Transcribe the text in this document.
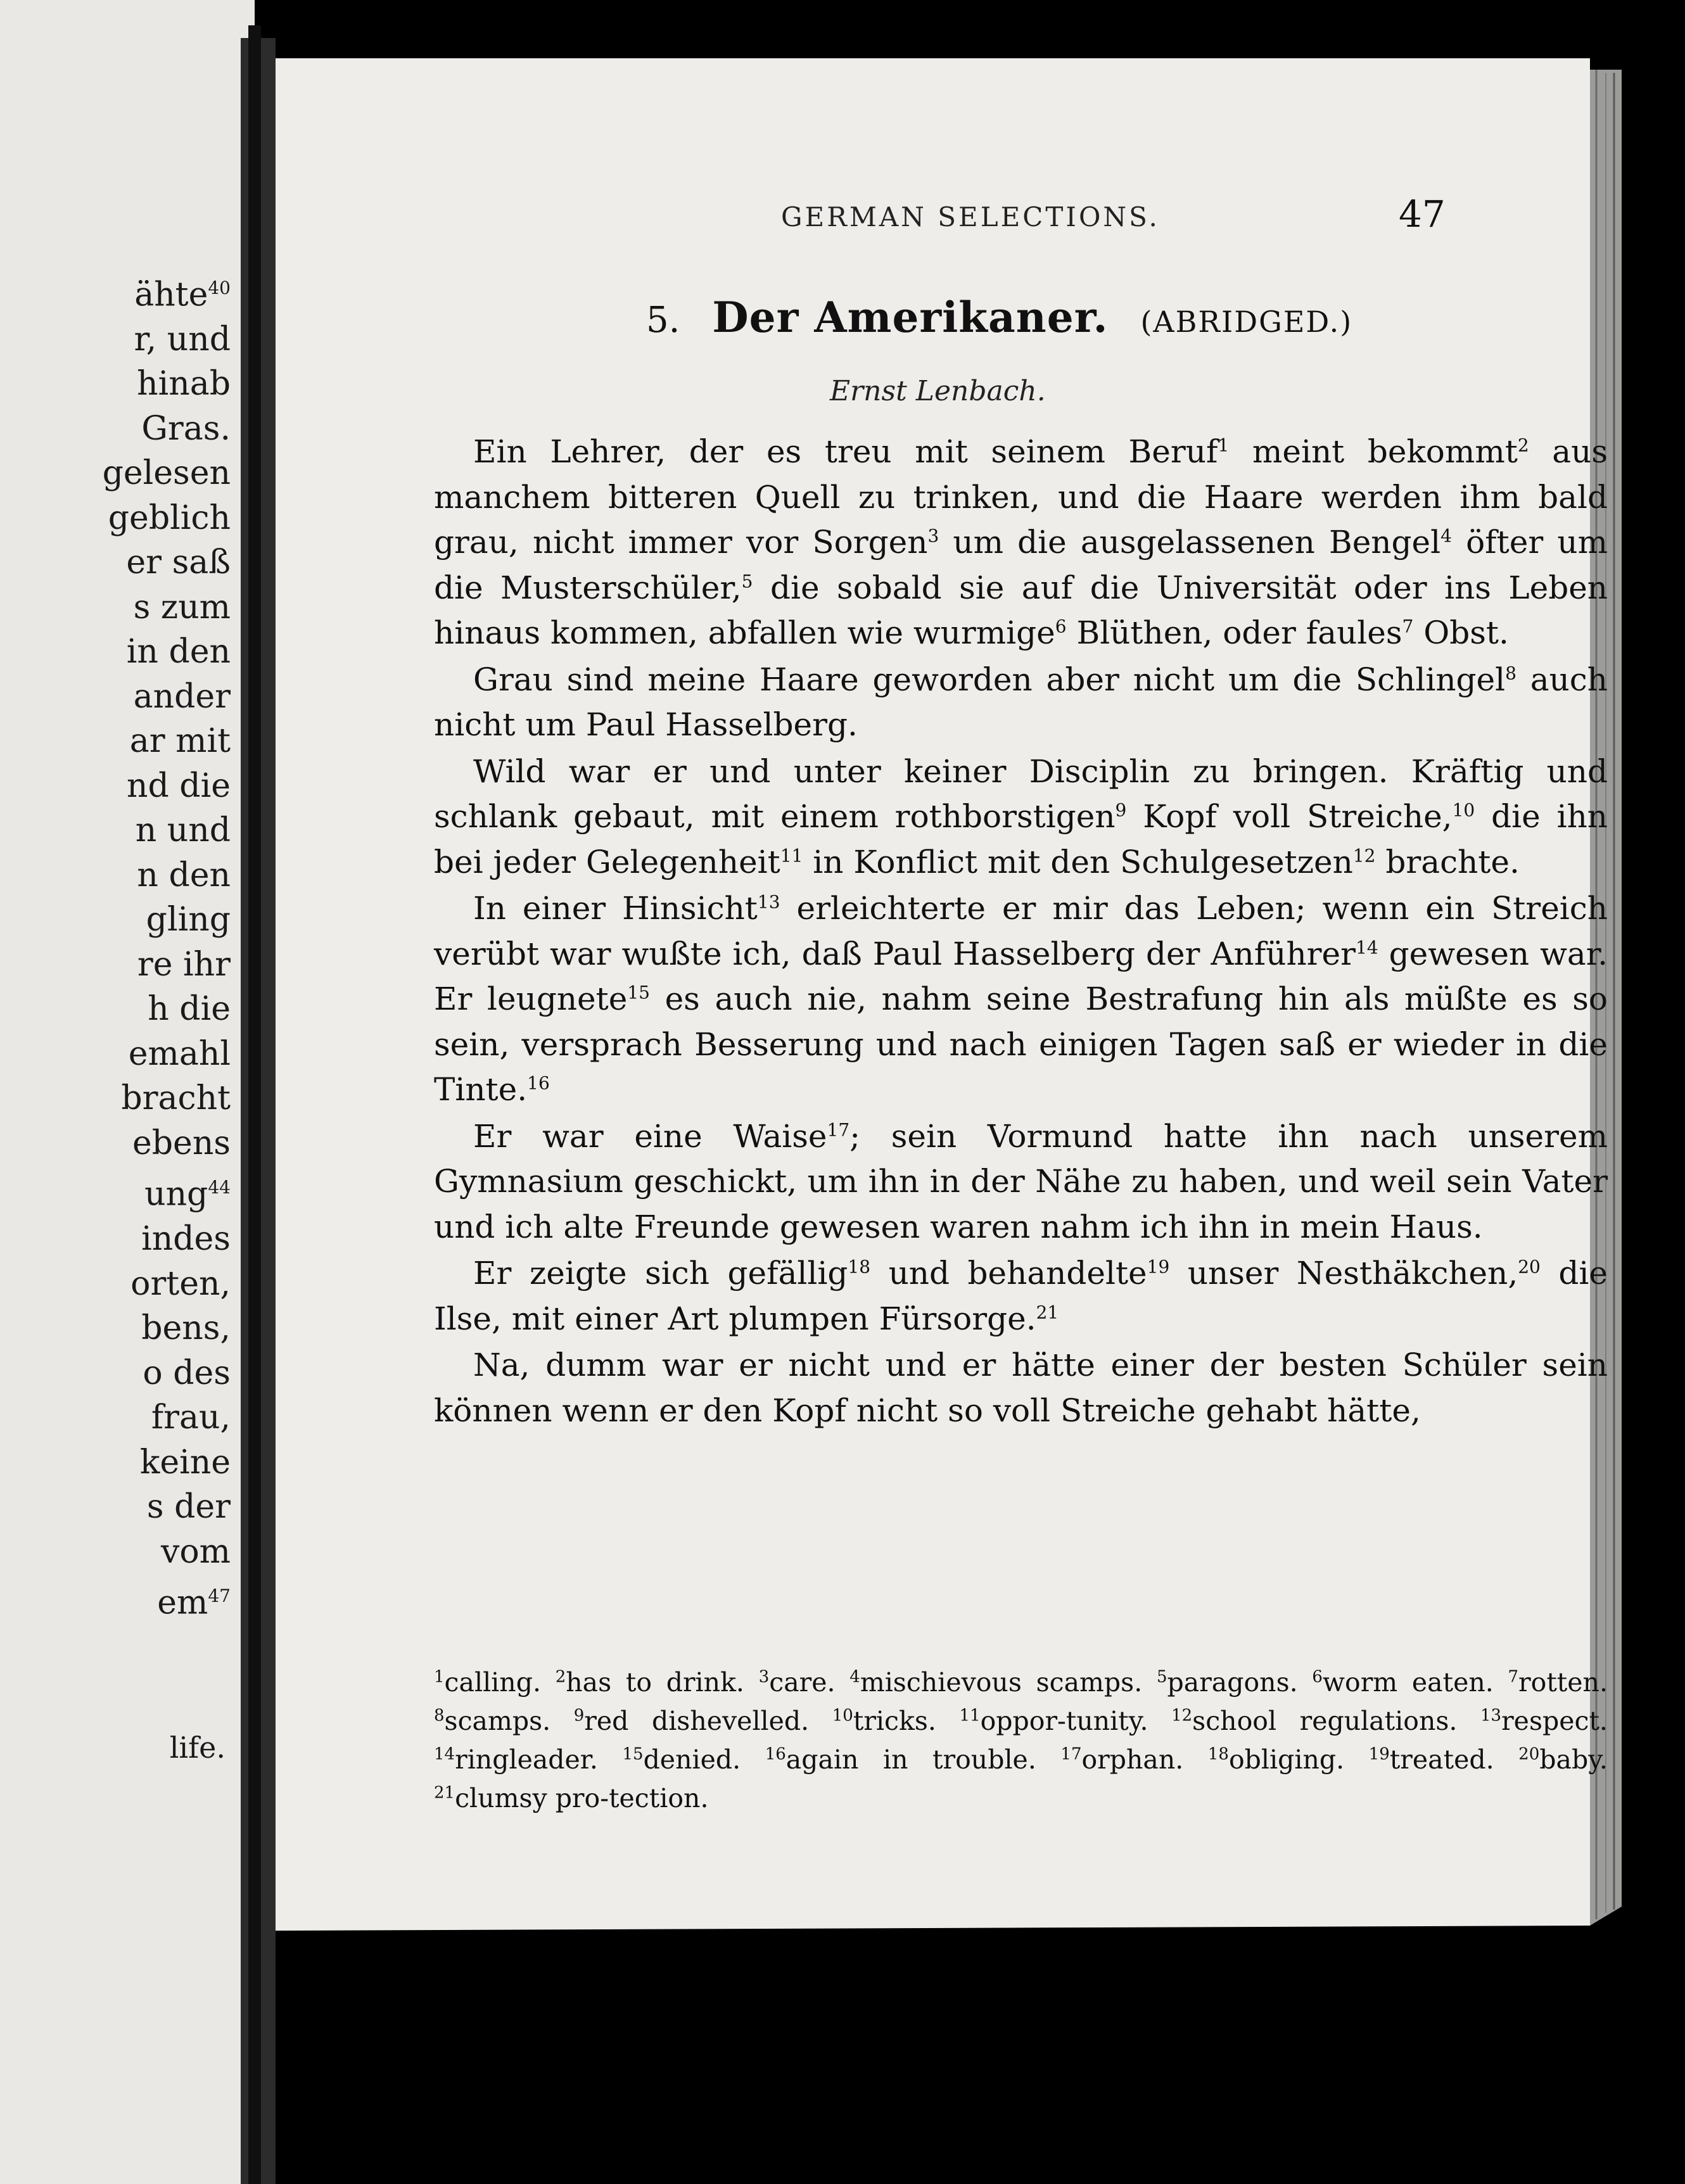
ähte$^{40}$
r, und
hinab
Gras.
gelesen
geblich
er saß
s zum
in den
ander
ar mit
nd die
n und
n den
gling
re ihr
h die
emahl
bracht
ebens
ung$^{44}$
indes
orten,
bens,
o des
frau,
keine
s der
vom
$em^{47}$
life.
GERMAN SELECTIONS.	47
5. Der Amerikaner. (ABRIDGED.)
Ernst Lenbach.

Ein Lehrer, der es treu mit seinem Beruf$^1$ meint bekommt$^2$ aus manchem bitteren Quell zu trinken, und die Haare werden ihm bald grau, nicht immer vor Sorgen$^3$ um die ausgelassenen Bengel$^4$ öfter um die Musterschüler,$^5$ die sobald sie auf die Universität oder ins Leben hinaus kommen, abfallen wie wurmige$^6$ Blüthen, oder faules$^7$ Obst.

Grau sind meine Haare geworden aber nicht um die Schlingel$^8$ auch nicht um Paul Hasselberg.

Wild war er und unter keiner Disciplin zu bringen. Kräftig und schlank gebaut, mit einem rothborstigen$^9$ Kopf voll Streiche,$^{10}$ die ihn bei jeder Gelegenheit$^{11}$ in Konflict mit den Schulgesetzen$^{12}$ brachte.

In einer Hinsicht$^{13}$ erleichterte er mir das Leben; wenn ein Streich verübt war wußte ich, daß Paul Hasselberg der Anführer$^{14}$ gewesen war. Er leugnete$^{15}$ es auch nie, nahm seine Bestrafung hin als müßte es so sein, versprach Besserung und nach einigen Tagen saß er wieder in die Tinte.$^{16}$

Er war eine Waise$^{17}$; sein Vormund hatte ihn nach unserem Gymnasium geschickt, um ihn in der Nähe zu haben, und weil sein Vater und ich alte Freunde gewesen waren nahm ich ihn in mein Haus.

Er zeigte sich gefällig$^{18}$ und behandelte$^{19}$ unser Nesthäkchen,$^{20}$ die Ilse, mit einer Art plumpen Fürsorge.$^{21}$

Na, dumm war er nicht und er hätte einer der besten Schüler sein können wenn er den Kopf nicht so voll Streiche gehabt hätte,

$^1$calling. $^2$has to drink. $^3$care. $^4$mischievous scamps. $^5$paragons. $^6$worm eaten. $^7$rotten. $^8$scamps. $^9$red dishevelled. $^{10}$tricks. $^{11}$oppor-tunity. $^{12}$school regulations. $^{13}$respect. $^{14}$ringleader. $^{15}$denied. $^{16}$again in trouble. $^{17}$orphan. $^{18}$obliging. $^{19}$treated. $^{20}$baby. $^{21}$clumsy pro-tection.
